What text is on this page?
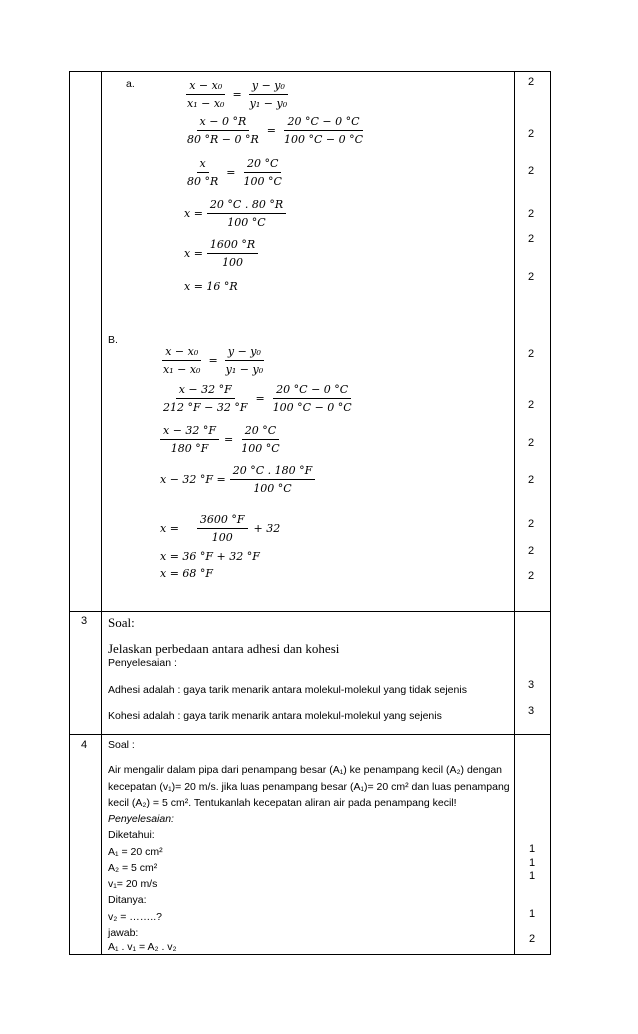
a.	$\frac{\text{x − x₀}}{\text{x₁ − x₀}} = \frac{\text{y − y₀}}{\text{y₁ − y₀}}$
$\frac{x - 0 ^\circ R}{80 ^\circ R - 0 ^\circ R} = \frac{20 ^\circ C - 0 ^\circ C}{100 ^\circ C - 0 ^\circ C}$
$\frac{x}{80 ^\circ R} = \frac{20 ^\circ C}{100 ^\circ C}$
$x = \frac{20 ^\circ C . 80 ^\circ R}{100 ^\circ C}$
$x = \frac{1600 ^\circ R}{100}$
x = 16 °R
2
2
2
2
2
2
B.
$\frac{\text{x − x₀}}{\text{x₁ − x₀}} = \frac{\text{y − y₀}}{\text{y₁ − y₀}}$
$\frac{x - 32 ^\circ F}{212 ^\circ F - 32 ^\circ F} = \frac{20 ^\circ C - 0 ^\circ C}{100 ^\circ C - 0 ^\circ C}$
$\frac{x - 32 ^\circ F}{180 ^\circ F} = \frac{20 ^\circ C}{100 ^\circ C}$
x − 32 $^\circ F = \frac{20 ^\circ C . 180 ^\circ F}{100 ^\circ C}$
$x = \frac{3600 ^\circ F}{100} + 32$
x = 36 °F + 32 °F
x = 68 °F
2
2
2
2
2
2
2
3 Soal:
Jelaskan perbedaan antara adhesi dan kohesi
Penyelesaian :
Adhesi adalah : gaya tarik menarik antara molekul-molekul yang tidak sejenis
Kohesi adalah : gaya tarik menarik antara molekul-molekul yang sejenis
3
3
4 Soal :
Air mengalir dalam pipa dari penampang besar (A₁) ke penampang kecil (A₂) dengan
kecepatan (v₁)= 20 m/s. jika luas penampang besar (A₁)= 20 cm² dan luas penampang
kecil (A₂) = 5 cm². Tentukanlah kecepatan aliran air pada penampang kecil!
Penyelesaian:
Diketahui:
A₁ = 20 cm²
A₂ = 5 cm²
v₁= 20 m/s
Ditanya:
v₂ = ……..?
jawab:
A₁ . v₁ = A₂ . v₂
1
1
1
1
2
